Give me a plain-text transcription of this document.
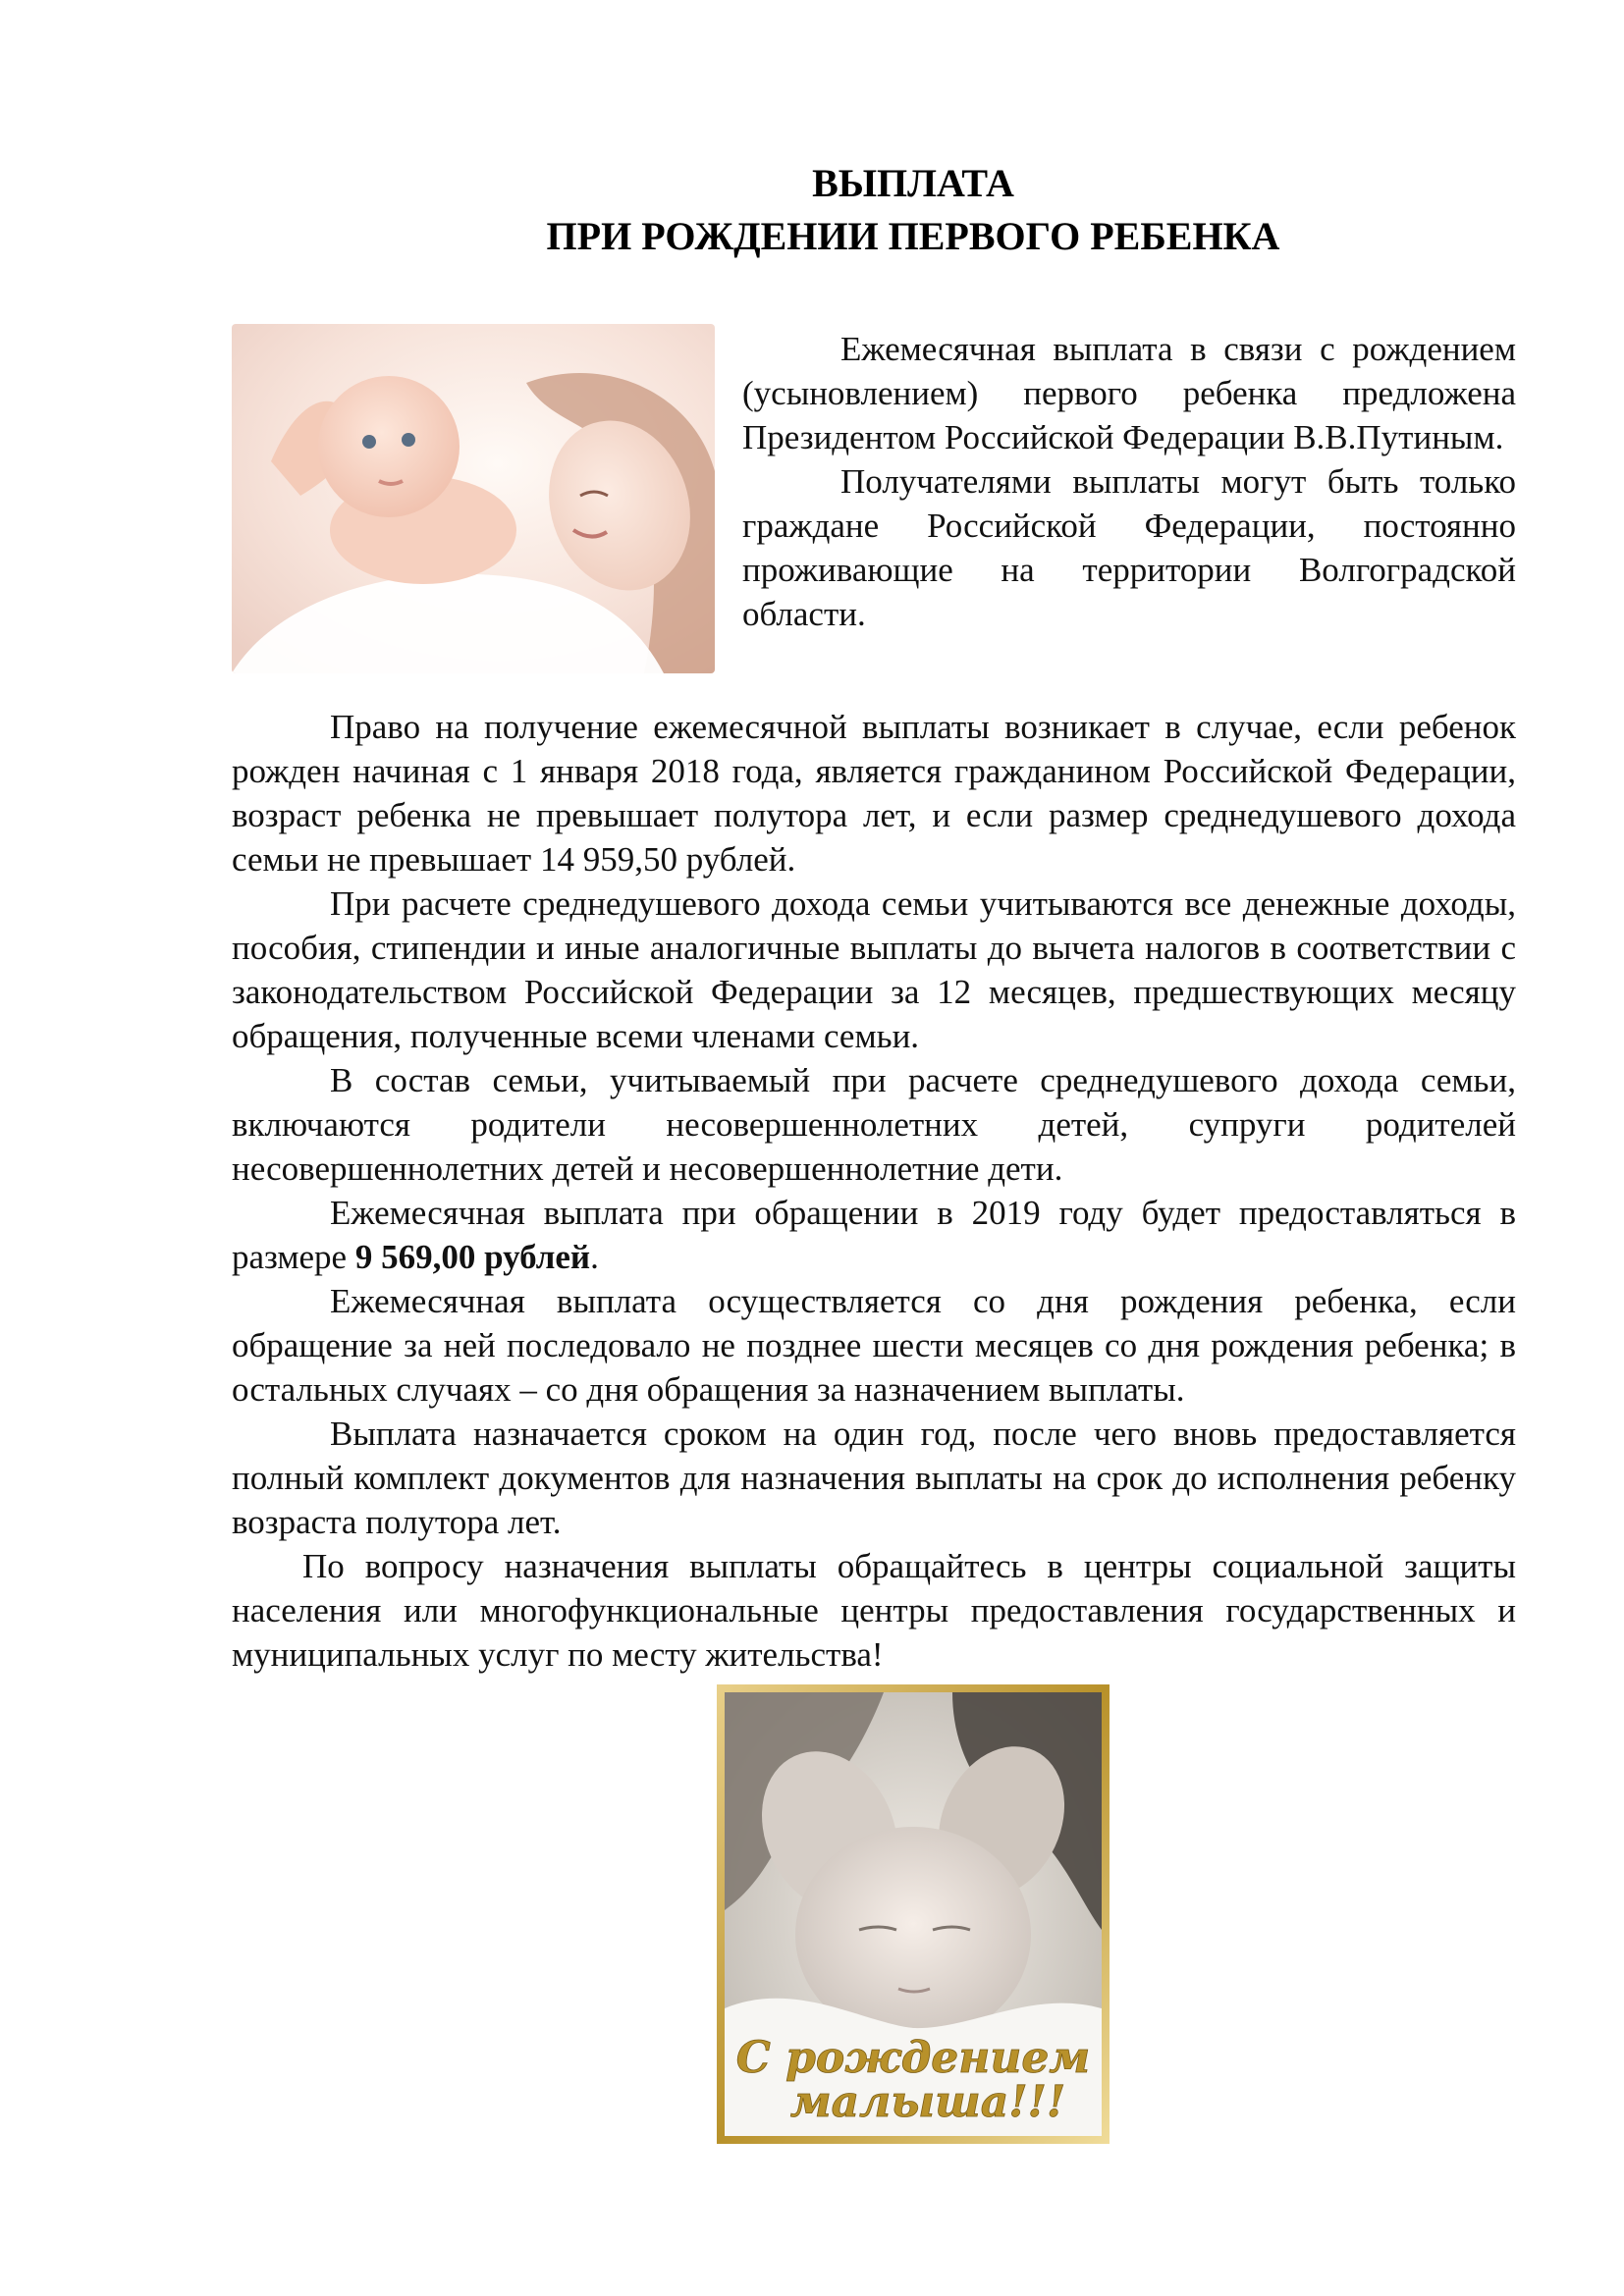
ВЫПЛАТА
ПРИ РОЖДЕНИИ ПЕРВОГО РЕБЕНКА

Ежемесячная выплата в связи с рождением (усыновлением) первого ребенка предложена Президентом Российской Федерации В.В.Путиным.

Получателями выплаты могут быть только граждане Российской Федерации, постоянно проживающие на территории Волгоградской области.

Право на получение ежемесячной выплаты возникает в случае, если ребенок рожден начиная с 1 января 2018 года, является гражданином Российской Федерации, возраст ребенка не превышает полутора лет, и если размер среднедушевого дохода семьи не превышает 14 959,50 рублей.

При расчете среднедушевого дохода семьи учитываются все денежные доходы, пособия, стипендии и иные аналогичные выплаты до вычета налогов в соответствии с законодательством Российской Федерации за 12 месяцев, предшествующих месяцу обращения, полученные всеми членами семьи.

В состав семьи, учитываемый при расчете среднедушевого дохода семьи, включаются родители несовершеннолетних детей, супруги родителей несовершеннолетних детей и несовершеннолетние дети.

Ежемесячная выплата при обращении в 2019 году будет предоставляться в размере 9 569,00 рублей.

Ежемесячная выплата осуществляется со дня рождения ребенка, если обращение за ней последовало не позднее шести месяцев со дня рождения ребенка; в остальных случаях – со дня обращения за назначением выплаты.

Выплата назначается сроком на один год, после чего вновь предоставляется полный комплект документов для назначения выплаты на срок до исполнения ребенку возраста полутора лет.

По вопросу назначения выплаты обращайтесь в центры социальной защиты населения или многофункциональные центры предоставления государственных и муниципальных услуг по месту жительства!

С рождением
малыша!!!
